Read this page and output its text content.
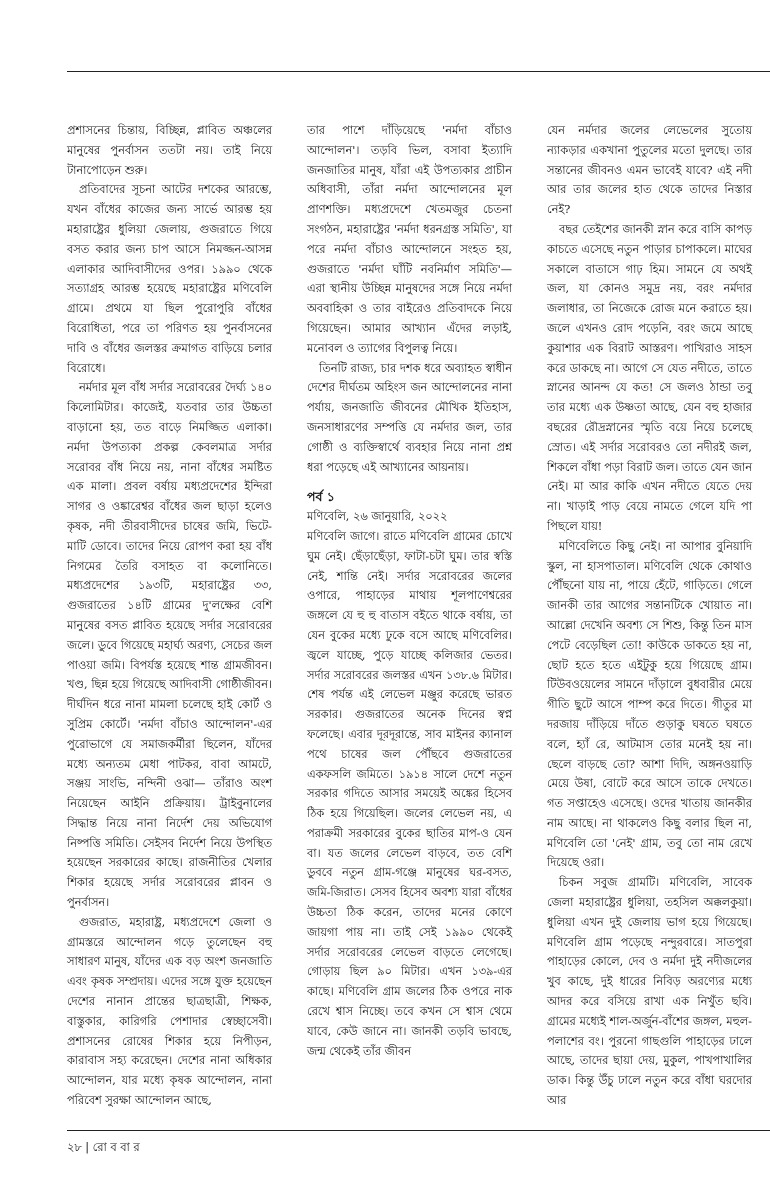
প্রশাসনের চিন্তায়, বিচ্ছিন্ন, প্লাবিত অঞ্চলের মানুষের পুনর্বাসন ততটা নয়। তাই নিয়ে টানাপোড়েন শুরু।

প্রতিবাদের সূচনা আটের দশকের আরম্ভে, যখন বাঁধের কাজের জন্য সার্ভে আরম্ভ হয় মহারাষ্ট্রের ধুলিয়া জেলায়, গুজরাতে গিয়ে বসত করার জন্য চাপ আসে নিমজ্জন-আসন্ন এলাকার আদিবাসীদের ওপর। ১৯৯০ থেকে সত্যাগ্রহ আরম্ভ হয়েছে মহারাষ্ট্রের মণিবেলি গ্রামে। প্রথমে যা ছিল পুরোপুরি বাঁধের বিরোধিতা, পরে তা পরিণত হয় পুনর্বাসনের দাবি ও বাঁধের জলস্তর ক্রমাগত বাড়িয়ে চলার বিরোধে।

নর্মদার মূল বাঁধ সর্দার সরোবরের দৈর্ঘ্য ১৪০ কিলোমিটার। কাজেই, যতবার তার উচ্চতা বাড়ানো হয়, তত বাড়ে নিমজ্জিত এলাকা। নর্মদা উপত্যকা প্রকল্প কেবলমাত্র সর্দার সরোবর বাঁধ নিয়ে নয়, নানা বাঁধের সমষ্টিত এক মালা। প্রবল বর্ষায় মধ্যপ্রদেশের ইন্দিরা সাগর ও ওঙ্কারেশ্বর বাঁধের জল ছাড়া হলেও কৃষক, নদী তীরবাসীদের চাষের জমি, ভিটে-মাটি ডোবে। তাদের নিয়ে রোপণ করা হয় বাঁধ নিগমের তৈরি বসাহত বা কলোনিতে। মধ্যপ্রদেশের ১৯৩টি, মহারাষ্ট্রের ৩৩, গুজরাতের ১৪টি গ্রামের দু'লক্ষের বেশি মানুষের বসত প্লাবিত হয়েছে সর্দার সরোবরের জলে। ডুবে গিয়েছে মহার্ঘ্য অরণ্য, সেচের জল পাওয়া জমি। বিপর্যস্ত হয়েছে শান্ত গ্রামজীবন। খণ্ড, ছিন্ন হয়ে গিয়েছে আদিবাসী গোষ্ঠীজীবন। দীর্ঘদিন ধরে নানা মামলা চলেছে হাই কোর্ট ও সুপ্রিম কোর্টে। 'নর্মদা বাঁচাও আন্দোলন'-এর পুরোভাগে যে সমাজকর্মীরা ছিলেন, যাঁদের মধ্যে অন্যতম মেধা পাটকর, বাবা আমটে, সঞ্জয় সাংভি, নন্দিনী ওঝা— তাঁরাও অংশ নিয়েছেন আইনি প্রক্রিয়ায়। ট্রাইবুনালের সিদ্ধান্ত নিয়ে নানা নির্দেশ দেয় অভিযোগ নিষ্পত্তি সমিতি। সেইসব নির্দেশ নিয়ে উপস্থিত হয়েছেন সরকারের কাছে। রাজনীতির খেলার শিকার হয়েছে সর্দার সরোবরের প্লাবন ও পুনর্বাসন।

গুজরাত, মহারাষ্ট্র, মধ্যপ্রদেশে জেলা ও গ্রামস্তরে আন্দোলন গড়ে তুলেছেন বহু সাধারণ মানুষ, যাঁদের এক বড় অংশ জনজাতি এবং কৃষক সম্প্রদায়। এদের সঙ্গে যুক্ত হয়েছেন দেশের নানান প্রান্তের ছাত্রছাত্রী, শিক্ষক, বাস্তুকার, কারিগরি পেশাদার স্বেচ্ছাসেবী। প্রশাসনের রোষের শিকার হয়ে নিপীড়ন, কারাবাস সহ্য করেছেন। দেশের নানা অধিকার আন্দোলন, যার মধ্যে কৃষক আন্দোলন, নানা পরিবেশ সুরক্ষা আন্দোলন আছে,

তার পাশে দাঁড়িয়েছে 'নর্মদা বাঁচাও আন্দোলন'। তড়বি ভিল, বসাবা ইত্যাদি জনজাতির মানুষ, যাঁরা এই উপত্যকার প্রাচীন অধিবাসী, তাঁরা নর্মদা আন্দোলনের মূল প্রাণশক্তি। মধ্যপ্রদেশে খেতমজুর চেতনা সংগঠন, মহারাষ্ট্রের 'নর্মদা ধরনগ্রস্ত সমিতি', যা পরে নর্মদা বাঁচাও আন্দোলনে সংহত হয়, গুজরাতে 'নর্মদা ঘাঁটি নবনির্মাণ সমিতি'— এরা স্থানীয় উচ্ছিন্ন মানুষদের সঙ্গে নিয়ে নর্মদা অববাহিকা ও তার বাইরেও প্রতিবাদকে নিয়ে গিয়েছেন। আমার আখ্যান এঁদের লড়াই, মনোবল ও ত্যাগের বিপুলত্ব নিয়ে।

তিনটি রাজ্য, চার দশক ধরে অব্যাহত স্বাধীন দেশের দীর্ঘতম অহিংস জন আন্দোলনের নানা পর্যায়, জনজাতি জীবনের মৌখিক ইতিহাস, জনসাধারণের সম্পত্তি যে নর্মদার জল, তার গোষ্ঠী ও ব্যক্তিস্বার্থে ব্যবহার নিয়ে নানা প্রশ্ন ধরা পড়েছে এই আখ্যানের আয়নায়।

পর্ব ১

মণিবেলি, ২৬ জানুয়ারি, ২০২২

মণিবেলি জাগে। রাতে মণিবেলি গ্রামের চোখে ঘুম নেই। ছেঁড়াছেঁড়া, ফাটা-চটা ঘুম। তার স্বস্তি নেই, শান্তি নেই। সর্দার সরোবরের জলের ওপারে, পাহাড়ের মাথায় শূলপাণেশ্বরের জঙ্গলে যে হু হু বাতাস বইতে থাকে বর্ষায়, তা যেন বুকের মধ্যে ঢুকে বসে আছে মণিবেলির। জ্বলে যাচ্ছে, পুড়ে যাচ্ছে কলিজার ভেতর। সর্দার সরোবরের জলস্তর এখন ১৩৮.৬ মিটার। শেষ পর্যন্ত এই লেভেল মঞ্জুর করেছে ভারত সরকার। গুজরাতের অনেক দিনের স্বপ্ন ফলেছে। এবার দূরদূরান্তে, সাব মাইনর ক্যানাল পথে চাষের জল পৌঁছবে গুজরাতের একফসলি জমিতে। ১৯১৪ সালে দেশে নতুন সরকার গদিতে আসার সময়েই অঙ্কের হিসেব ঠিক হয়ে গিয়েছিল। জলের লেভেল নয়, এ পরাক্রমী সরকারের বুকের ছাতির মাপ-ও যেন বা। যত জলের লেভেল বাড়বে, তত বেশি ডুববে নতুন গ্রাম-গঞ্জে মানুষের ঘর-বসত, জমি-জিরাত। সেসব হিসেব অবশ্য যারা বাঁধের উচ্চতা ঠিক করেন, তাদের মনের কোণে জায়গা পায় না। তাই সেই ১৯৯০ থেকেই সর্দার সরোবরের লেভেল বাড়তে লেগেছে। গোড়ায় ছিল ৯০ মিটার। এখন ১৩৯-এর কাছে। মণিবেলি গ্রাম জলের ঠিক ওপরে নাক রেখে শ্বাস নিচ্ছে। তবে কখন সে শ্বাস থেমে যাবে, কেউ জানে না। জানকী তড়বি ভাবছে, জন্ম থেকেই তাঁর জীবন

যেন নর্মদার জলের লেভেলের সুতোয় ন্যাকড়ার একখানা পুতুলের মতো দুলছে। তার সন্তানের জীবনও এমন ভাবেই যাবে? এই নদী আর তার জলের হাত থেকে তাদের নিস্তার নেই?

বছর তেইশের জানকী স্নান করে বাসি কাপড় কাচতে এসেছে নতুন পাড়ার চাপাকলে। মাঘের সকালে বাতাসে গাঢ় হিম। সামনে যে অথই জল, যা কোনও সমুদ্র নয়, বরং নর্মদার জলাধার, তা নিজেকে রোজ মনে করাতে হয়। জলে এখনও রোদ পড়েনি, বরং জমে আছে কুয়াশার এক বিরাট আস্তরণ। পাখিরাও সাহস করে ডাকছে না। আগে সে যেত নদীতে, তাতে স্নানের আনন্দ যে কত! সে জলও ঠান্ডা তবু তার মধ্যে এক উষ্ণতা আছে, যেন বহু হাজার বছরের রৌদ্রস্নানের স্মৃতি বয়ে নিয়ে চলেছে স্রোত। এই সর্দার সরোবরও তো নদীরই জল, শিকলে বাঁধা পড়া বিরাট জল। তাতে যেন জান নেই। মা আর কাকি এখন নদীতে যেতে দেয় না। খাড়াই পাড় বেয়ে নামতে গেলে যদি পা পিছলে যায়!

মণিবেলিতে কিছু নেই। না আপার বুনিয়াদি স্কুল, না হাসপাতাল। মণিবেলি থেকে কোথাও পৌঁছনো যায় না, পায়ে হেঁটে, গাড়িতে। গেলে জানকী তার আগের সন্তানটিকে খোয়াত না। আল্লো দেখেনি অবশ্য সে শিশু, কিন্তু তিন মাস পেটে বেড়েছিল তো! কাউকে ডাকতে হয় না, ছোট হতে হতে এইটুকু হয়ে গিয়েছে গ্রাম। টিউবওয়েলের সামনে দাঁড়ালে বুধবারীর মেয়ে গীতি ছুটে আসে পাম্প করে দিতে। গীতুর মা দরজায় দাঁড়িয়ে দাঁতে গুড়াকু ঘষতে ঘষতে বলে, হ্যাঁ রে, আটমাস তোর মনেই হয় না। ছেলে বাড়ছে তো? আশা দিদি, অঙ্গনওয়াড়ি মেয়ে উষা, বোটে করে আসে তাকে দেখতে। গত সপ্তাহেও এসেছে। ওদের খাতায় জানকীর নাম আছে। না থাকলেও কিছু বলার ছিল না, মণিবেলি তো 'নেই' গ্রাম, তবু তো নাম রেখে দিয়েছে ওরা।

চিকন সবুজ গ্রামটি। মণিবেলি, সাবেক জেলা মহারাষ্ট্রের ধুলিয়া, তহসিল অক্কলকুয়া। ধুলিয়া এখন দুই জেলায় ভাগ হয়ে গিয়েছে। মণিবেলি গ্রাম পড়েছে নন্দুরবারে। সাতপুরা পাহাড়ের কোলে, দেব ও নর্মদা দুই নদীজলের খুব কাছে, দুই ধারের নিবিড় অরণ্যের মধ্যে আদর করে বসিয়ে রাখা এক নিখুঁত ছবি। গ্রামের মধ্যেই শাল-অর্জুন-বাঁশের জঙ্গল, মহুল-পলাশের বং। পুরনো গাছগুলি পাহাড়ের ঢালে আছে, তাদের ছায়া দেয়, মুকুল, পাখপাখালির ডাক। কিন্তু উঁচু ঢালে নতুন করে বাঁধা ঘরদোর আর

২৮ | রো ব বা র
